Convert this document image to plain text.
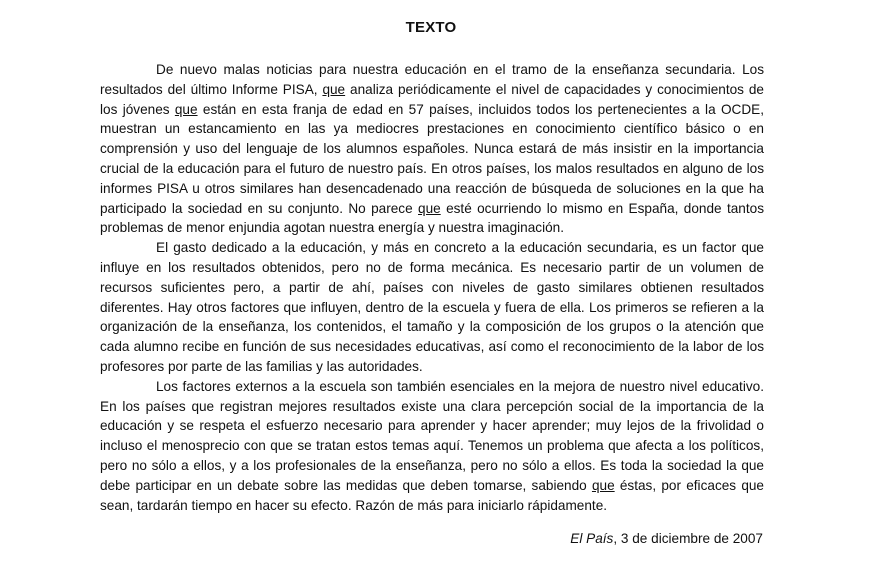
TEXTO

De nuevo malas noticias para nuestra educación en el tramo de la enseñanza secundaria. Los resultados del último Informe PISA, que analiza periódicamente el nivel de capacidades y conocimientos de los jóvenes que están en esta franja de edad en 57 países, incluidos todos los pertenecientes a la OCDE, muestran un estancamiento en las ya mediocres prestaciones en conocimiento científico básico o en comprensión y uso del lenguaje de los alumnos españoles. Nunca estará de más insistir en la importancia crucial de la educación para el futuro de nuestro país. En otros países, los malos resultados en alguno de los informes PISA u otros similares han desencadenado una reacción de búsqueda de soluciones en la que ha participado la sociedad en su conjunto. No parece que esté ocurriendo lo mismo en España, donde tantos problemas de menor enjundia agotan nuestra energía y nuestra imaginación.

El gasto dedicado a la educación, y más en concreto a la educación secundaria, es un factor que influye en los resultados obtenidos, pero no de forma mecánica. Es necesario partir de un volumen de recursos suficientes pero, a partir de ahí, países con niveles de gasto similares obtienen resultados diferentes. Hay otros factores que influyen, dentro de la escuela y fuera de ella. Los primeros se refieren a la organización de la enseñanza, los contenidos, el tamaño y la composición de los grupos o la atención que cada alumno recibe en función de sus necesidades educativas, así como el reconocimiento de la labor de los profesores por parte de las familias y las autoridades.

Los factores externos a la escuela son también esenciales en la mejora de nuestro nivel educativo. En los países que registran mejores resultados existe una clara percepción social de la importancia de la educación y se respeta el esfuerzo necesario para aprender y hacer aprender; muy lejos de la frivolidad o incluso el menosprecio con que se tratan estos temas aquí. Tenemos un problema que afecta a los políticos, pero no sólo a ellos, y a los profesionales de la enseñanza, pero no sólo a ellos. Es toda la sociedad la que debe participar en un debate sobre las medidas que deben tomarse, sabiendo que éstas, por eficaces que sean, tardarán tiempo en hacer su efecto. Razón de más para iniciarlo rápidamente.

El País, 3 de diciembre de 2007
